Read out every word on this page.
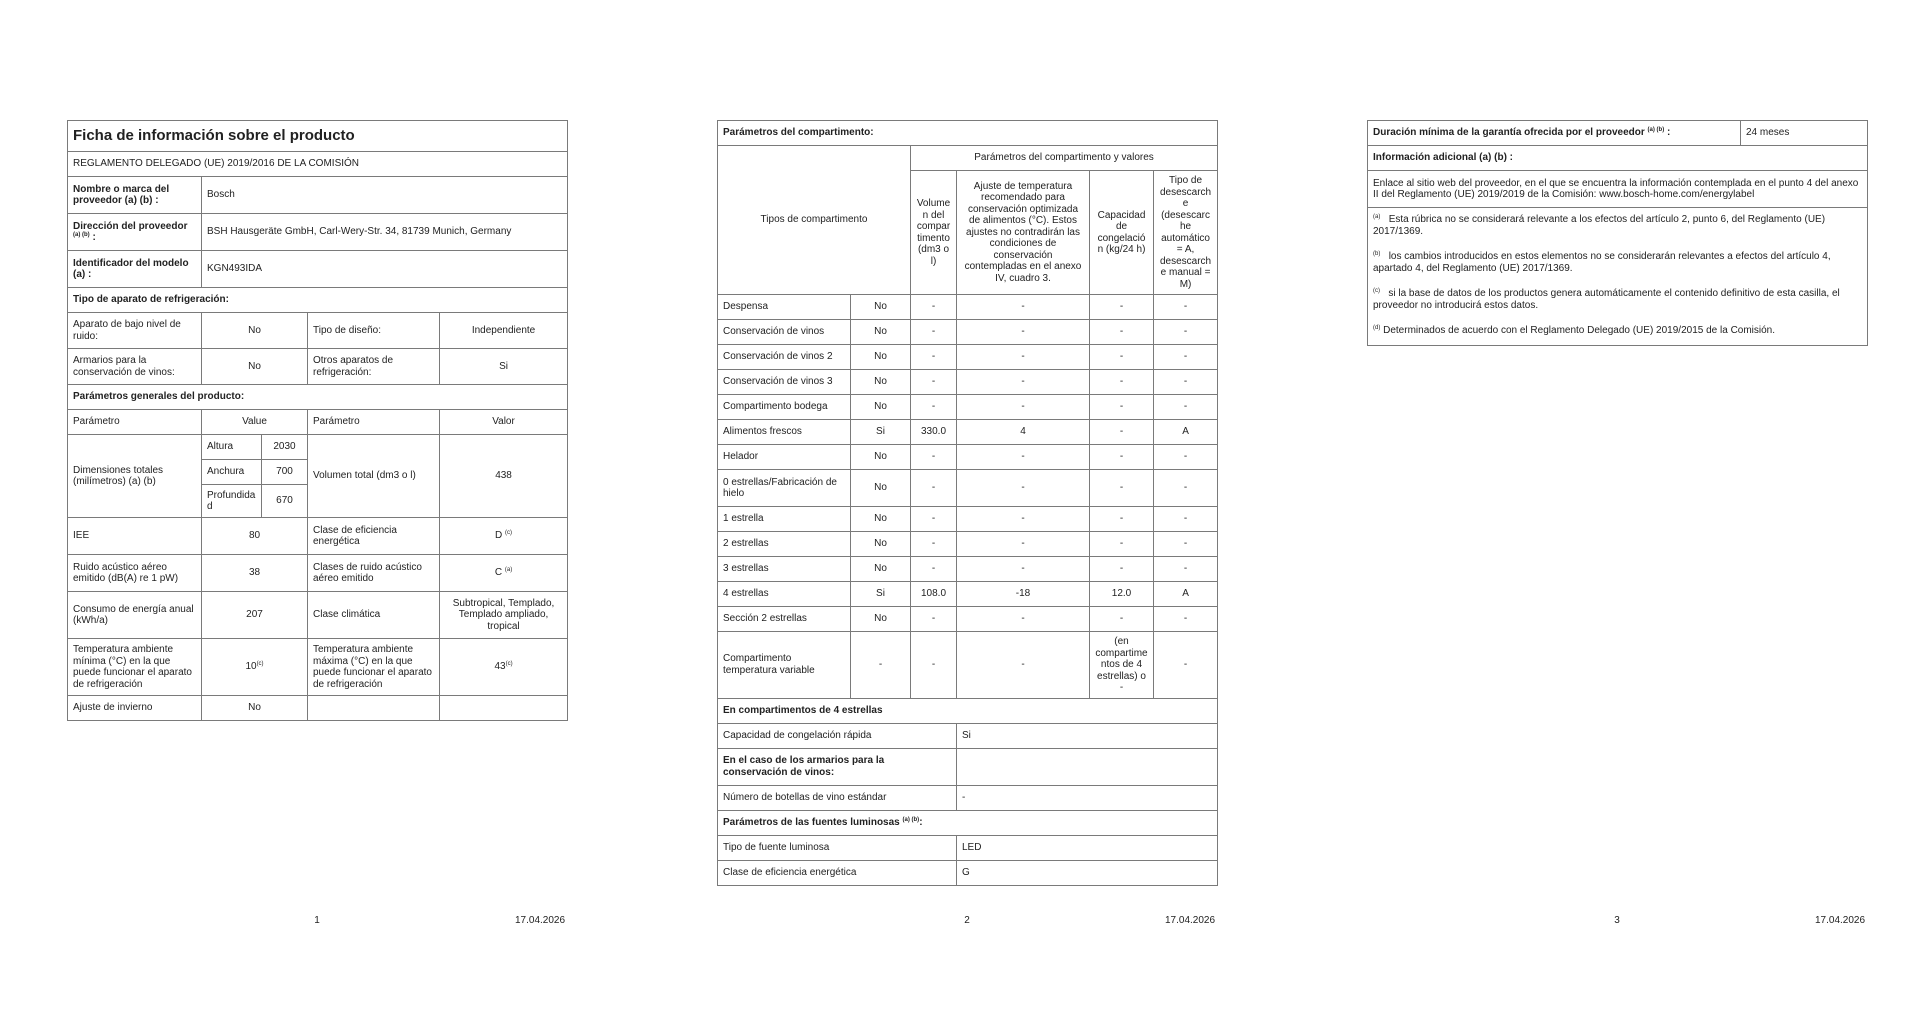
Ficha de información sobre el producto				
REGLAMENTO DELEGADO (UE) 2019/2016 DE LA COMISIÓN				
Nombre o marca del proveedor (a) (b) :	Bosch			
Dirección del proveedor $^{(a) (b)}$ :	BSH Hausgeräte GmbH, Carl-Wery-Str. 34, 81739 Munich, Germany			
Identificador del modelo (a) :	KGN493IDA			
Tipo de aparato de refrigeración:				
Aparato de bajo nivel de ruido:	No		Tipo de diseño:	Independiente
Armarios para la conservación de vinos:	No		Otros aparatos de refrigeración:	Si
Parámetros generales del producto:				
Parámetro	Value		Parámetro	Valor
Dimensiones totales (milímetros) (a) (b)	Altura	2030	Volumen total (dm3 o l)	438
	Anchura	700		
	Profundidad	670		
IEE	80		Clase de eficiencia energética	D $^{(c)}$
Ruido acústico aéreo emitido (dB(A) re 1 pW)	38		Clases de ruido acústico aéreo emitido	C $^{(a)}$
Consumo de energía anual (kWh/a)	207		Clase climática	Subtropical, Templado, Templado ampliado, tropical
Temperatura ambiente mínima (°C) en la que puede funcionar el aparato de refrigeración	10$^{(c)}$		Temperatura ambiente máxima (°C) en la que puede funcionar el aparato de refrigeración	43$^{(c)}$
Ajuste de invierno	No			
Parámetros del compartimento:					
Tipos de compartimento		Parámetros del compartimento y valores			
		Volumen del compartimento (dm3 o l)	Ajuste de temperatura recomendado para conservación optimizada de alimentos (°C). Estos ajustes no contradirán las condiciones de conservación contempladas en el anexo IV, cuadro 3.	Capacidad de congelación (kg/24 h)	Tipo de desescarche (desescarche automático = A, desescarche manual = M)
Despensa	No	-	-	-	-
Conservación de vinos	No	-	-	-	-
Conservación de vinos 2	No	-	-	-	-
Conservación de vinos 3	No	-	-	-	-
Compartimento bodega	No	-	-	-	-
Alimentos frescos	Si	330.0	4	-	A
Helador	No	-	-	-	-
0 estrellas/Fabricación de hielo	No	-	-	-	-
1 estrella	No	-	-	-	-
2 estrellas	No	-	-	-	-
3 estrellas	No	-	-	-	-
4 estrellas	Si	108.0	-18	12.0	A
Sección 2 estrellas	No	-	-	-	-
Compartimento temperatura variable	-	-	-	(en compartimentos de 4 estrellas) o -	-
En compartimentos de 4 estrellas					
Capacidad de congelación rápida			Si		
En el caso de los armarios para la conservación de vinos:					
Número de botellas de vino estándar			-		
Parámetros de las fuentes luminosas $^{(a) (b)}$:					
Tipo de fuente luminosa			LED		
Clase de eficiencia energética			G		
Duración mínima de la garantía ofrecida por el proveedor $^{(a) (b)}$ :	24 meses
Información adicional (a) (b) :
Enlace al sitio web del proveedor, en el que se encuentra la información contemplada en el punto 4 del anexo II del Reglamento (UE) 2019/2019 de la Comisión: www.bosch-home.com/energylabel

$^{(a)}$ Esta rúbrica no se considerará relevante a los efectos del artículo 2, punto 6, del Reglamento (UE) 2017/1369.
$^{(b)}$ los cambios introducidos en estos elementos no se considerarán relevantes a efectos del artículo 4, apartado 4, del Reglamento (UE) 2017/1369.
$^{(c)}$ si la base de datos de los productos genera automáticamente el contenido definitivo de esta casilla, el proveedor no introducirá estos datos.
$^{(d)}$ Determinados de acuerdo con el Reglamento Delegado (UE) 2019/2015 de la Comisión.
1	17.04.2026	2	17.04.2026	3	17.04.2026
